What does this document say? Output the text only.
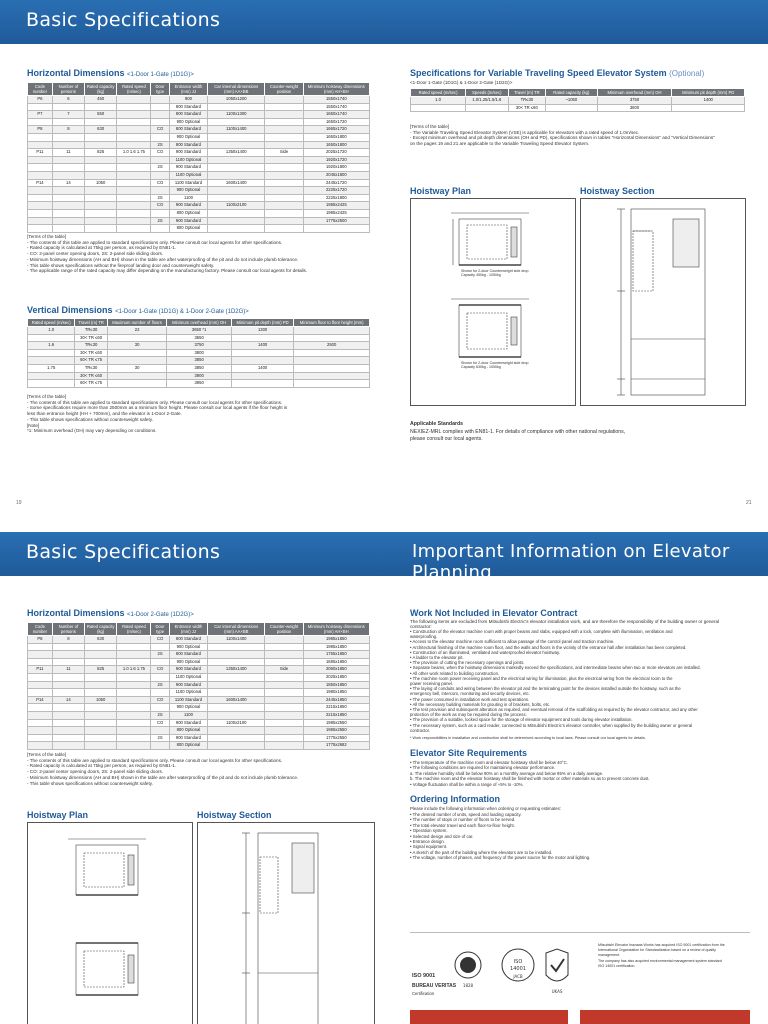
Basic Specifications
Horizontal Dimensions <1-Door 1-Gate (1D1G)>
Code number	Number of persons	Rated capacity (kg)	Rated speed (m/sec)	Door type	Entrance width (mm) JJ	Car internal dimensions (mm) AA×BB	Counter-weight position	Minimum hoistway dimensions (mm) AH×BH
P6	6	450			800	1050x1200		1550x1740
					800 Standard			1550x1740
P7	7	550			800 Standard	1100x1300		1650x1740
					900 Optional			1650x1720
P8	8	630		CO	800 Standard	1100x1400		1665x1720
					900 Optional			1650x1800
				2S	800 Standard			1650x1800
P11	11	825	1.0 1.6 1.75	CO	900 Standard	1350x1400	Side	2025x1720
					1100 Optional			1920x1720
				2S	900 Standard			1920x1800
					1100 Optional			2045x1800
P14	14	1050		CO	1100 Standard	1600x1400		2445x1720
					900 Optional			2225x1720
				2S	1100			2225x1800
				CO	900 Standard	1100x2100		1985x2425
					800 Optional			1985x2425
				2S	900 Standard			1775x2500
					800 Optional			
[Terms of the table]
- The contents of this table are applied to standard specifications only. Please consult our local agents for other specifications.
- Rated capacity is calculated at 75kg per person, as required by EN81-1.
- CO: 2-panel center opening doors, 2S: 2-panel side sliding doors.
- Minimum hoistway dimensions (AH and BH) shown in the table are after waterproofing of the pit and do not include plumb tolerance.
- This table shows specifications without the fireproof landing door and counterweight safety.
- The applicable range of the rated capacity may differ depending on the manufacturing factory. Please consult our local agents for details.
Vertical Dimensions <1-Door 1-Gate (1D1G) & 1-Door 2-Gate (1D2G)>
Rated speed (m/sec)	Travel (m) TR	Maximum number of floors	Minimum overhead (mm) OH	Minimum pit depth (mm) PD	Minimum floor to floor height (mm)
1.0	TR≤30	22	3650 *1	1300	
	30< TR ≤60		3650		
1.6	TR≤30	30	3750	1400	2500
	30< TR ≤60		3800		
	60< TR ≤75		3850		
1.75	TR≤30	30	3850	1400	
	30< TR ≤60		3900		
	60< TR ≤75		3950		
[Terms of the table]
- The contents of this table are applied to standard specifications only. Please consult our local agents for other specifications.
- Some specifications require more than 2500mm as a minimum floor height. Please consult our local agents if the floor height is
less than entrance height (HH + 700mm), and the elevator is 1-Door 2-Gate.
- This table shows specifications without counterweight safety.
[Note]
*1: Minimum overhead (OH) may vary depending on conditions.
Specifications for Variable Traveling Speed Elevator System (Optional)
<1-Door 1-Gate (1D1G) & 1-Door 2-Gate (1D2G)>
Rated speed (m/sec)	Speeds (m/sec)	Travel (m) TR	Rated capacity (kg)	Minimum overhead (mm) OH	Minimum pit depth (mm) PD
1.0	1.0/1.25/1.5/1.6	TR≤30	~1050	3750	1400
		30< TR ≤60		3800	
[Terms of the table]
- The Variable Traveling Speed Elevator System (VSE) is applicable for elevators with a rated speed of 1.0m/sec.
- Except minimum overhead and pit depth dimensions (OH and PD), specifications shown in tables "Horizontal Dimensions" and "Vertical Dimensions"
on the pages 19 and 21 are applicable to the Variable Traveling Speed Elevator System.
Hoistway Plan	Hoistway Section
Shown for 2-door Counterweight side drop Capacity 450kg - 1050kg
Shown for 2-door Counterweight side drop Capacity 630kg - 1050kg
Applicable Standards
NEXIEZ-MRL complies with EN81-1. For details of compliance with other national regulations,
please consult our local agents.
19	21
Basic Specifications	Important Information on Elevator Planning
Horizontal Dimensions <1-Door 2-Gate (1D2G)>
Code number	Number of persons	Rated capacity (kg)	Rated speed (m/sec)	Door type	Entrance width (mm) JJ	Car internal dimensions (mm) AA×BB	Counter-weight position	Minimum hoistway dimensions (mm) AH×BH
P8	8	630		CO	800 Standard	1100x1400		1985x1850
					900 Optional			1985x1850
				2S	800 Standard			1755x1850
					900 Optional			1685x1850
P11	11	825	1.0 1.6 1.75	CO	900 Standard	1350x1400	Side	2060x1850
					1100 Optional			2025x1850
				2S	900 Standard			1850x1850
					1100 Optional			1980x1850
P14	14	1050		CO	1100 Standard	1600x1400		2445x1850
					900 Optional			2215x1850
				2S	1100			2215x1850
				CO	900 Standard	1100x2100		1985x2550
					800 Optional			1985x2550
				2S	900 Standard			1775x2550
					800 Optional			1775x2682
[Terms of the table]
- The contents of this table are applied to standard specifications only. Please consult our local agents for other specifications.
- Rated capacity is calculated at 75kg per person, as required by EN81-1.
- CO: 2-panel center opening doors, 2S: 2-panel side sliding doors.
- Minimum hoistway dimensions (AH and BH) shown in the table are after waterproofing of the pit and do not include plumb tolerance.
- This table shows specifications without counterweight safety.
Hoistway Plan	Hoistway Section
Work Not Included in Elevator Contract
The following items are excluded from Mitsubishi Electric's elevator installation work, and are therefore the responsibility of the building owner or general
contractor:
• Construction of the elevator machine room with proper beams and slabs, equipped with a lock, complete with illumination, ventilation and
waterproofing.
• Access to the elevator machine room sufficient to allow passage of the control panel and traction machine.
• Architectural finishing of the machine room floor, and the walls and floors in the vicinity of the entrance hall after installation has been completed.
• Construction of an illuminated, ventilated and waterproofed elevator hoistway.
• A ladder to the elevator pit.
• The provision of cutting the necessary openings and joints.
• Separate beams, when the hoistway dimensions markedly exceed the specifications, and intermediate beams when two or more elevators are installed.
• All other work related to building construction.
• The machine room power receiving panel and the electrical wiring for illumination, plus the electrical wiring from the electrical room to the
power receiving panel.
• The laying of conduits and wiring between the elevator pit and the terminating point for the devices installed outside the hoistway, such as the
emergency bell, intercom, monitoring and security devices, etc.
• The power consumed in installation work and test operations.
• All the necessary building materials for grouting in of brackets, bolts, etc.
• The test provision and subsequent alteration as required, and eventual removal of the scaffolding as required by the elevator contractor, and any other
protection of the work as may be required during the process.
• The provision of a suitable, locked space for the storage of elevator equipment and tools during elevator installation.
• The necessary system, such as a card reader, connected to Mitsubishi Electric's elevator controller, when supplied by the building owner or general
contractor.
* Work responsibilities in installation and construction shall be determined according to local laws. Please consult our local agents for details.
Elevator Site Requirements
• The temperature of the machine room and elevator hoistway shall be below 40°C.
• The following conditions are required for maintaining elevator performance.
a. The relative humidity shall be below 90% on a monthly average and below 95% on a daily average.
b. The machine room and the elevator hoistway shall be finished with mortar or other materials so as to prevent concrete dust.
• Voltage fluctuation shall be within a range of +5% to -10%.
Ordering Information
Please include the following information when ordering or requesting estimates:
• The desired number of units, speed and loading capacity.
• The number of stops or number of floors to be served.
• The total elevator travel and each floor-to-floor height.
• Operation system.
• Selected design and size of car.
• Entrance design.
• Signal equipment.
• A sketch of the part of the building where the elevators are to be installed.
• The voltage, number of phases, and frequency of the power source for the motor and lighting.
ISO 9001
BUREAU VERITAS
Certification
1828
ISO
14001
JACB
UKAS
Mitsubishi Elevator Inazawa Works has acquired ISO 9001 certification from the
International Organization for Standardization based on a review of quality
management.
The company has also acquired environmental management system standard
ISO 14001 certification.
